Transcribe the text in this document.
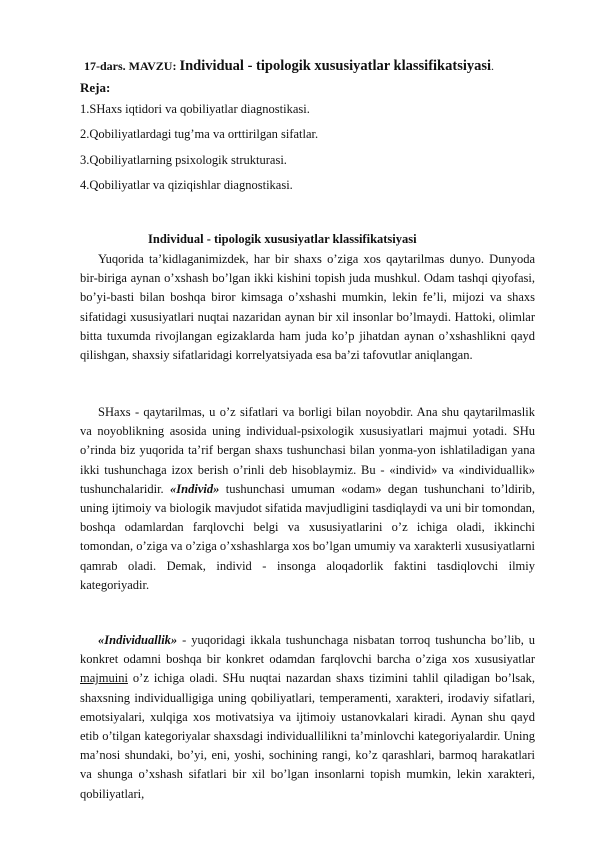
17-dars. MAVZU: Individual - tipologik xususiyatlar klassifikatsiyasi.
Reja:
1.SHaxs iqtidori va qobiliyatlar diagnostikasi.
2.Qobiliyatlardagi tug’ma va orttirilgan sifatlar.
3.Qobiliyatlarning psixologik strukturasi.
4.Qobiliyatlar va qiziqishlar diagnostikasi.
Individual - tipologik xususiyatlar klassifikatsiyasi

Yuqorida ta’kidlaganimizdek, har bir shaxs o’ziga xos qaytarilmas dunyo. Dunyoda bir-biriga aynan o’xshash bo’lgan ikki kishini topish juda mushkul. Odam tashqi qiyofasi, bo’yi-basti bilan boshqa biror kimsaga o’xshashi mumkin, lekin fe’li, mijozi va shaxs sifatidagi xususiyatlari nuqtai nazaridan aynan bir xil insonlar bo’lmaydi. Hattoki, olimlar bitta tuxumda rivojlangan egizaklarda ham juda ko’p jihatdan aynan o’xshashlikni qayd qilishgan, shaxsiy sifatlaridagi korrelyatsiyada esa ba’zi tafovutlar aniqlangan.

SHaxs - qaytarilmas, u o’z sifatlari va borligi bilan noyobdir. Ana shu qaytarilmaslik va noyoblikning asosida uning individual-psixologik xususiyatlari majmui yotadi. SHu o’rinda biz yuqorida ta’rif bergan shaxs tushunchasi bilan yonma-yon ishlatiladigan yana ikki tushunchaga izox berish o’rinli deb hisoblaymiz. Bu - «individ» va «individuallik» tushunchalaridir. «Individ» tushunchasi umuman «odam» degan tushunchani to’ldirib, uning ijtimoiy va biologik mavjudot sifatida mavjudligini tasdiqlaydi va uni bir tomondan, boshqa odamlardan farqlovchi belgi va xususiyatlarini o’z ichiga oladi, ikkinchi tomondan, o’ziga va o’ziga o’xshashlarga xos bo’lgan umumiy va xarakterli xususiyatlarni qamrab oladi. Demak, individ - insonga aloqadorlik faktini tasdiqlovchi ilmiy kategoriyadir.

«Individuallik» - yuqoridagi ikkala tushunchaga nisbatan torroq tushuncha bo’lib, u konkret odamni boshqa bir konkret odamdan farqlovchi barcha o’ziga xos xususiyatlar majmuini o’z ichiga oladi. SHu nuqtai nazardan shaxs tizimini tahlil qiladigan bo’lsak, shaxsning individualligiga uning qobiliyatlari, temperamenti, xarakteri, irodaviy sifatlari, emotsiyalari, xulqiga xos motivatsiya va ijtimoiy ustanovkalari kiradi. Aynan shu qayd etib o’tilgan kategoriyalar shaxsdagi individuallilikni ta’minlovchi kategoriyalardir. Uning ma’nosi shundaki, bo’yi, eni, yoshi, sochining rangi, ko’z qarashlari, barmoq harakatlari va shunga o’xshash sifatlari bir xil bo’lgan insonlarni topish mumkin, lekin xarakteri, qobiliyatlari,
